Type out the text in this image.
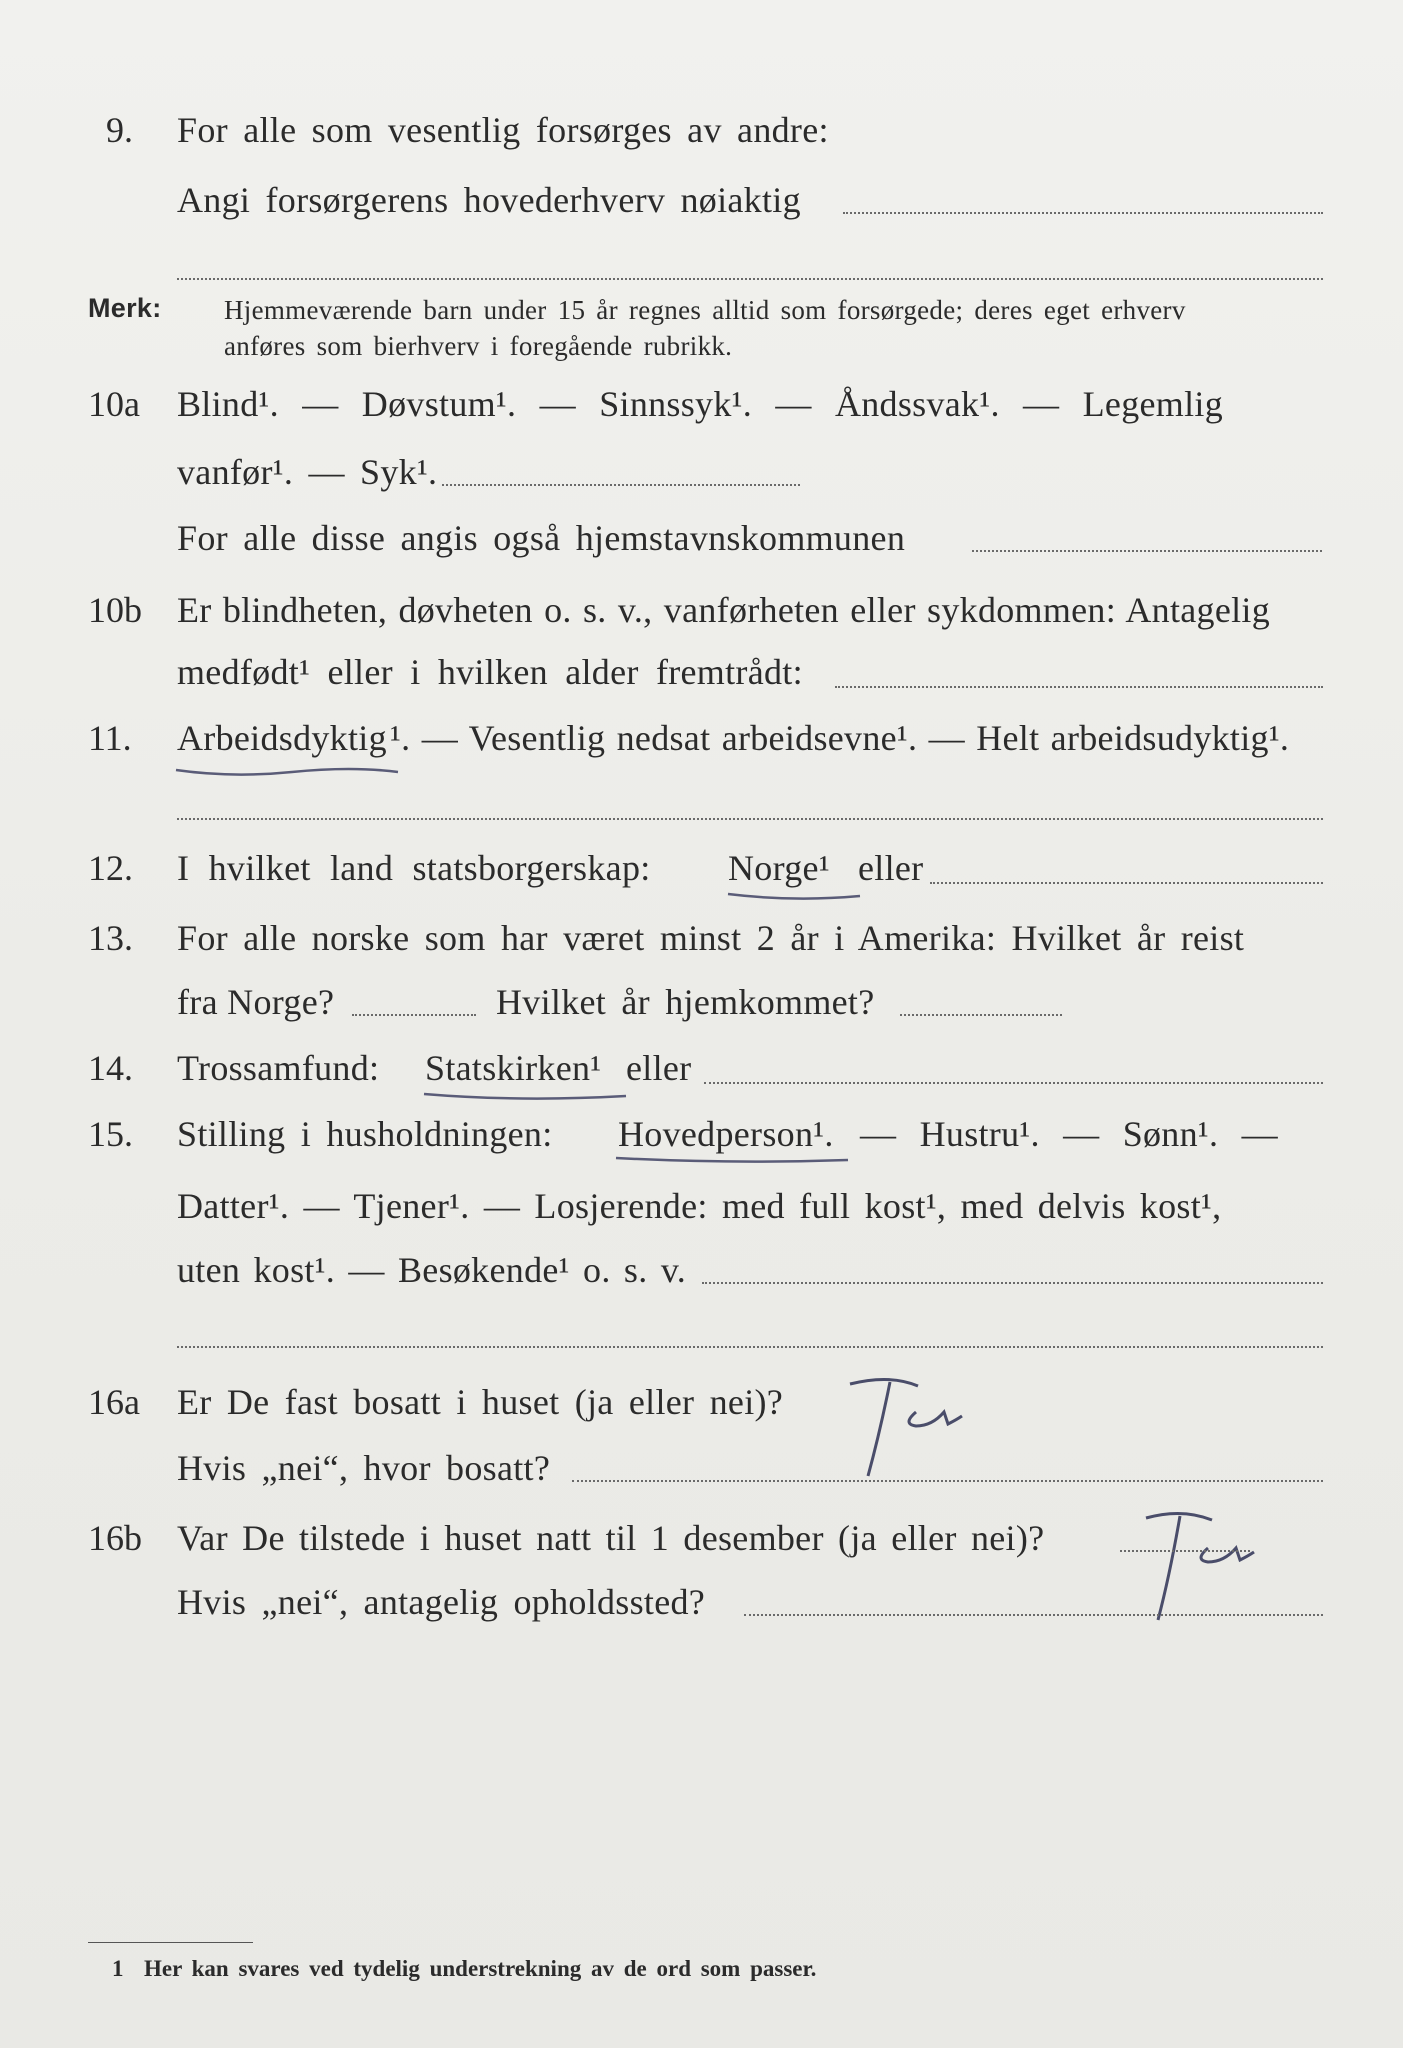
9. For alle som vesentlig forsørges av andre:
Angi forsørgerens hovederhverv nøiaktig
Merk: Hjemmeværende barn under 15 år regnes alltid som forsørgede; deres eget erhverv
anføres som bierhverv i foregående rubrikk.
10a Blind¹. — Døvstum¹. — Sinnssyk¹. — Åndssvak¹. — Legemlig
vanfør¹. — Syk¹.
For alle disse angis også hjemstavnskommunen
10b Er blindheten, døvheten o. s. v., vanførheten eller sykdommen: Antagelig
medfødt¹ eller i hvilken alder fremtrådt:
11. Arbeidsdyktig ¹. — Vesentlig nedsat arbeidsevne¹. — Helt arbeidsudyktig¹.
12. I hvilket land statsborgerskap: Norge¹ eller
13. For alle norske som har været minst 2 år i Amerika: Hvilket år reist
fra Norge?	Hvilket år hjemkommet?
14. Trossamfund: Statskirken¹ eller
15. Stilling i husholdningen: Hovedperson¹. — Hustru¹. — Sønn¹. —
Datter¹. — Tjener¹. — Losjerende: med full kost¹, med delvis kost¹,
uten kost¹. — Besøkende¹ o. s. v.
16a Er De fast bosatt i huset (ja eller nei)?
Hvis „nei“, hvor bosatt?
16b Var De tilstede i huset natt til 1 desember (ja eller nei)?
Hvis „nei“, antagelig opholdssted?
1 Her kan svares ved tydelig understrekning av de ord som passer.
